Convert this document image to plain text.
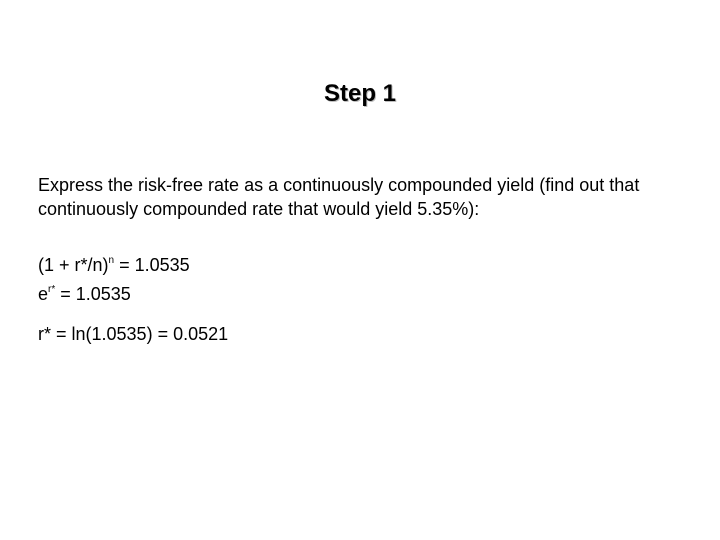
Step 1
Express the risk-free rate as a continuously compounded yield (find out that continuously compounded rate that would yield 5.35%):
$(1 + r*/n)^n = 1.0535$
$e^{r*} = 1.0535$
r* = ln(1.0535) = 0.0521
